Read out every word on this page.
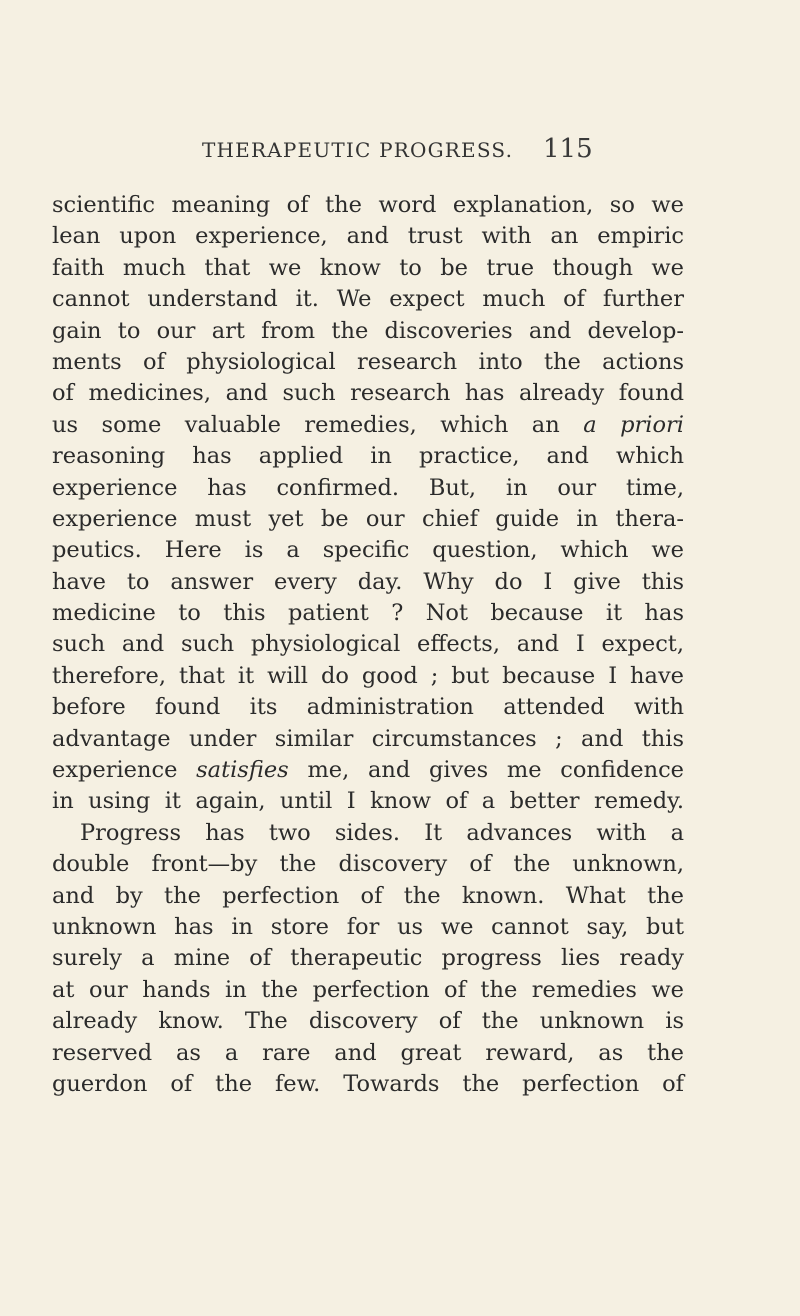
THERAPEUTIC PROGRESS. 115
scientific meaning of the word explanation, so we
lean upon experience, and trust with an empiric
faith much that we know to be true though we
cannot understand it. We expect much of further
gain to our art from the discoveries and develop-
ments of physiological research into the actions
of medicines, and such research has already found
us some valuable remedies, which an a priori
reasoning has applied in practice, and which
experience has confirmed. But, in our time,
experience must yet be our chief guide in thera-
peutics. Here is a specific question, which we
have to answer every day. Why do I give this
medicine to this patient ? Not because it has
such and such physiological effects, and I expect,
therefore, that it will do good ; but because I have
before found its administration attended with
advantage under similar circumstances ; and this
experience satisfies me, and gives me confidence
in using it again, until I know of a better remedy.
Progress has two sides. It advances with a
double front—by the discovery of the unknown,
and by the perfection of the known. What the
unknown has in store for us we cannot say, but
surely a mine of therapeutic progress lies ready
at our hands in the perfection of the remedies we
already know. The discovery of the unknown is
reserved as a rare and great reward, as the
guerdon of the few. Towards the perfection of
